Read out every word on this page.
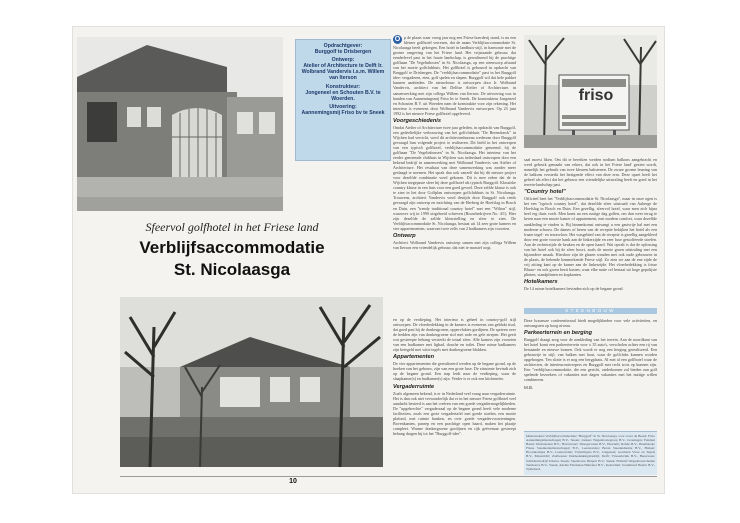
Opdrachtgever:
Burggolf te Drisbergen
Ontwerp:
Atelier of Architecture te Delft Ir. Wolbrand Vandervis i.s.m. Willem van Iterson
Konstrukteur:
Jongeneel en Schouten B.V. te Woerden.
Uitvoering:
Aannemingsmij Friso bv te Sneek
Sfeervol golfhotel in het Friese land
Verblijfsaccommodatie
St. Nicolaasga

O p de plaats waar vroeg jaar nog een Friese boerderij stond, is nu een kleiner golfhotel verrezen, dat de naam Verblijfsaccommodatie St. Nicolaasga heeft gekregen. Een hotel in landhuis-stijl, in harmonie met de groene omgeving van het Friese land. Het vrijstaande gebouw, dat eenderlevel past in het fraaie landschap, is gerealiseerd bij de prachtige golfbaan "De Vegelinbosen" in St. Nicolaasga, op een steenworp afstand van het moeie golfclubhuis. Het golfhotel is gebouwd in opdracht van Burggolf te Drisbergen. De "verblijfsaccommodatie" past in het Burggolf idee: vergaderen, eten, golf spelen en slapen. Burggolf wil dat hele pakket kunnen aanbieden. De nieuwbouw is ontworpen door Ir. Wolbrand Vandervis, architect van het Delftse Atelier of Architecture, in samenwerking met zijn collega Willem van Iterson. De uitvoering was in handen van Aannemingsmij Friso bv te Sneek. De konstrukteur Jongeneel en Schouten B.V. uit Woerden nam de konstruktie voor zijn rekening. Het interieur is eveneens door Wolbrand Vandervis ontworpen. Op 23 juni 1992 is het nieuwe Friese golfhotel opgeleverd.

Voorgeschiedenis

Omdat Atelier of Architecture twee jaar geleden, in opdracht van Burggolf, een gedeeltelijke verbouwing van het golfclubhuis "De Berendonck" in Wijchen had verricht, werd dit architectenbureau wederom door Burggolf gevraagd hun volgende project te realiseren. Dit hield in het ontwerpen van een typisch golfhotel, verblijfsaccommodatie genoemd, bij de golfbaan "De Vegelinbossen" in St. Nicolaasga. Het interieur van het eerder genoemde clubhuis in Wijchen was inderdaad ontworpen door een bekend bedrijf in samenwerking met Wolbrand Vandervis van Atelier of Architecture. Het resultaat van deze samenwerking was zonder meer geslaagd te noemen. Het sprak dan ook vanzelf dat bij dit nieuwe project voor dezelfde combinatie werd gekozen. Dit is mee reden dat de in Wijchen toegepaste sfeer bij deze golfhotel als typisch Burggolf. Klassieke country klasse in een huis voor een goed gevoel. Deze zelfde klasse is ook te zien in het door Golfplan ontworpen golfclubhuis in St. Nicolaasga. Trouwens, architect Vandervis werd destijds door Burggolf ook reeds gevraagd zijn ontwerp en inrichting van de Herberg de Hoefslag in Bosch en Duin, een "trendy traditional country hotel" met een "Wilton" stijl, waarover wij in 1990 uitgebreid schreven (Bouwbedrijven No. 4/1). Hier zijn dezelfde de zelfde kleurstelling en sfeer te zien. De Verblijfsaccommodatie St. Nicolaasga, bestaat uit 14 zeer grote kamers en vier appartementen, waarvan twee zelfs van 2 badkamers zijn voorzien.

Ontwerp

Architect Wolbrand Vandervis ontwierp samen met zijn collega Willem van Iterson een vriendelijk gebouw, dat niet te massief oogt.

friso

saal moest liken. Om dit te bereiken werden nodium balkons aangebracht en werd gebruik gemaakt van erkers, dat ook in het Friese land' gezien wordt, namelijk het gebruik van twee kleuren bakstenen. De zware groene leuning van de balkons versterkt het bezigende effect van deze erm. Deze opzet heeft het geheel als effect dat het gebouw een vriendelijke uitstraling heeft en goed in het terrein-landschap past.

"Country hotel"

Officieel heet het "Verblijfsaccommodatie St. Nicolaasga", maar in onze ogen is het een "typisch country hotel", dat dezelfde sfeer uitstraalt van Auberge de Hoefslag in Bosch en Duin. Een gezellig, sfeervol hotel, waar men zich bijna heel erg thuis voelt. Men komt na een rustige dag golfen, om dan weer terug te keren naar een mooie kamer of appartement, met modern comfort, waar dezelfde aankleding te vinden is. Bij binnenkomst ontvangt u een gastvrije hal met een moderne schouw. De dames of heren van de receptie bekijken het hotel als een fraaie tegel- en terrasvloer. Het wasgebied van de receptie is gezellig aangekleed door een grote voorste bank aan de linkerzijde en zeer luxe gestoffeerde stoelen. Aan de rechterzijde de keuken en de open haard. Wat opvalt is dat de oplossing van het hotel ook bij de sfeer hoort, zoals de mooie groen uitstraling met een bijzondere smaak. Hierdoor zijn de glazen wanden met ook oude gebouwen in de plaats, de bekende kenmerkende Friese stijl. Zo zien we aan de ene zijde de vrij zitting kant op de kamer aan de linkerzijde. Het vloerbedekking is frisse Blauw- en ook groen bezit kasten, waar elke natte cel bestaat uit hoge gepolijste plinten, wandplinten en kopkanten.

Hotelkamers

De 14 ruime hotelkamers bevinden zich op de begane grond

STEENBOUW

en op de verdieping. Het interieur is geheel in country-golf stijl ontworpen. De vloerbedekking in de kamers is eveneens van geblokt tisal, dat goed past bij de donkergroene, oppervlaktes gordijnen. De sprieen over de bedden zijn van donkergroene stof met rode en gele strepen. Het geeit wat gestreepte behang versterkt de totaal sfeer. Alle kamers zijn voorzien van een badkamer met ligbad, douche en toilet. Deze ruime badkamers zijn betegeld met witte tegels met donkergroene blokken.

Appartementen

De vier appartementen die gerealiseerd werden op de begane grond, op de hoeken van het gebouw, zijn van een grote luxe. De zitruimte bevindt zich op de begane grond. Een trap leidt naar de verdieping, waar de slaapkamer(s) en badkamer(s) zijn. Verder is er ook een kitchenette.

Vergaderruimte

Zoals algemeen bekend, is er in Nederland veel vraag naar vergaderruimte. Het is dan ook niet verwonderlijk dat er in het nieuwe Friese golfhotel veel aandacht besteed is aan het creëren van een goede vergadermogelijkheden. De "upgebrechte" vergaderzaal op de begane grond heeft vele moderne faciliteiten, zoals een grote vergadertafel met goede stoelen, een mooie plafond, met ruimte banken, en over goede vergadervoorzieningen. Bovenkanten, panrep en een prachtige open haard, maken het plaatje compleet. Warme donkergroene gordijnen en rijk geëvenaar gestreept behang dragen bij tot het "Burggolf-idee".

Deze luxueuze conferentiezaal biedt mogelijkheden voor vele activiteiten, en ontvangsten op hoog niveau.

Parkeerterrein en berging

Burggolf draagt zorg voor de aankleding van het terrein. Aan de noordkant van het hotel komt een parkeerterrein voor ± 35 auto's, verscholen achter een rij van bestaande en nieuwe bomen. Ook wordt er nog een berging gerealiseerd. Een gebouwtje in stijl, van balken met hout, waar de golfclubs kunnen worden opgeborgen. Ten slotte is er nog een bergplaats. Al met al een golfhotel waar de architecten, de interieurontwerpers en Burggolf met recht trots op kunnen zijn. Een "verblijfsaccommodatie, die een gericht, onderkomen zal bieden aan golf spelende bezoekers of vakanties met dagen vakanties met het nuttige willen combineren.

M.B.

Medewerkers Verblijfsaccommodatie "Burggolf" in St. Nicolaasga, voor zover de Breed: Friso Aannemingsmaatschappij B.V., Sneek; Jonkers Wegenbouwgroep B.V., Groningen; Fendant Bastel Waalsteenen B.V., Havenvaart; Dinogerwnen B.V., Haarlem; Rohde B.V., Heemstede; Friese Steenkolenmaatschappij B.V., Leeuwarden; Beton Steenindustrie B.V., Hulsen; Hoornkompas B.V., Leeuwarden; Vrijwilligers B.V., Jongeneel; Gerritsen Vloer en Tegels B.V., Maastricht; Zuidwester Dakbedekkingsbedrijf, Delft; Vrieserkvink B.V., Heereveen; Schildersbedrijf Tekstra, Sneek; Steenbouw Helpert B.V., Sneek; Holland Wegenbouwchemie Ternhoeve B.V., Sneek; Adema Fabrieken Heitsfeer B.V., Rotterdam; Scandinaaf Haarlo B.V., Tjalleberd.
10
